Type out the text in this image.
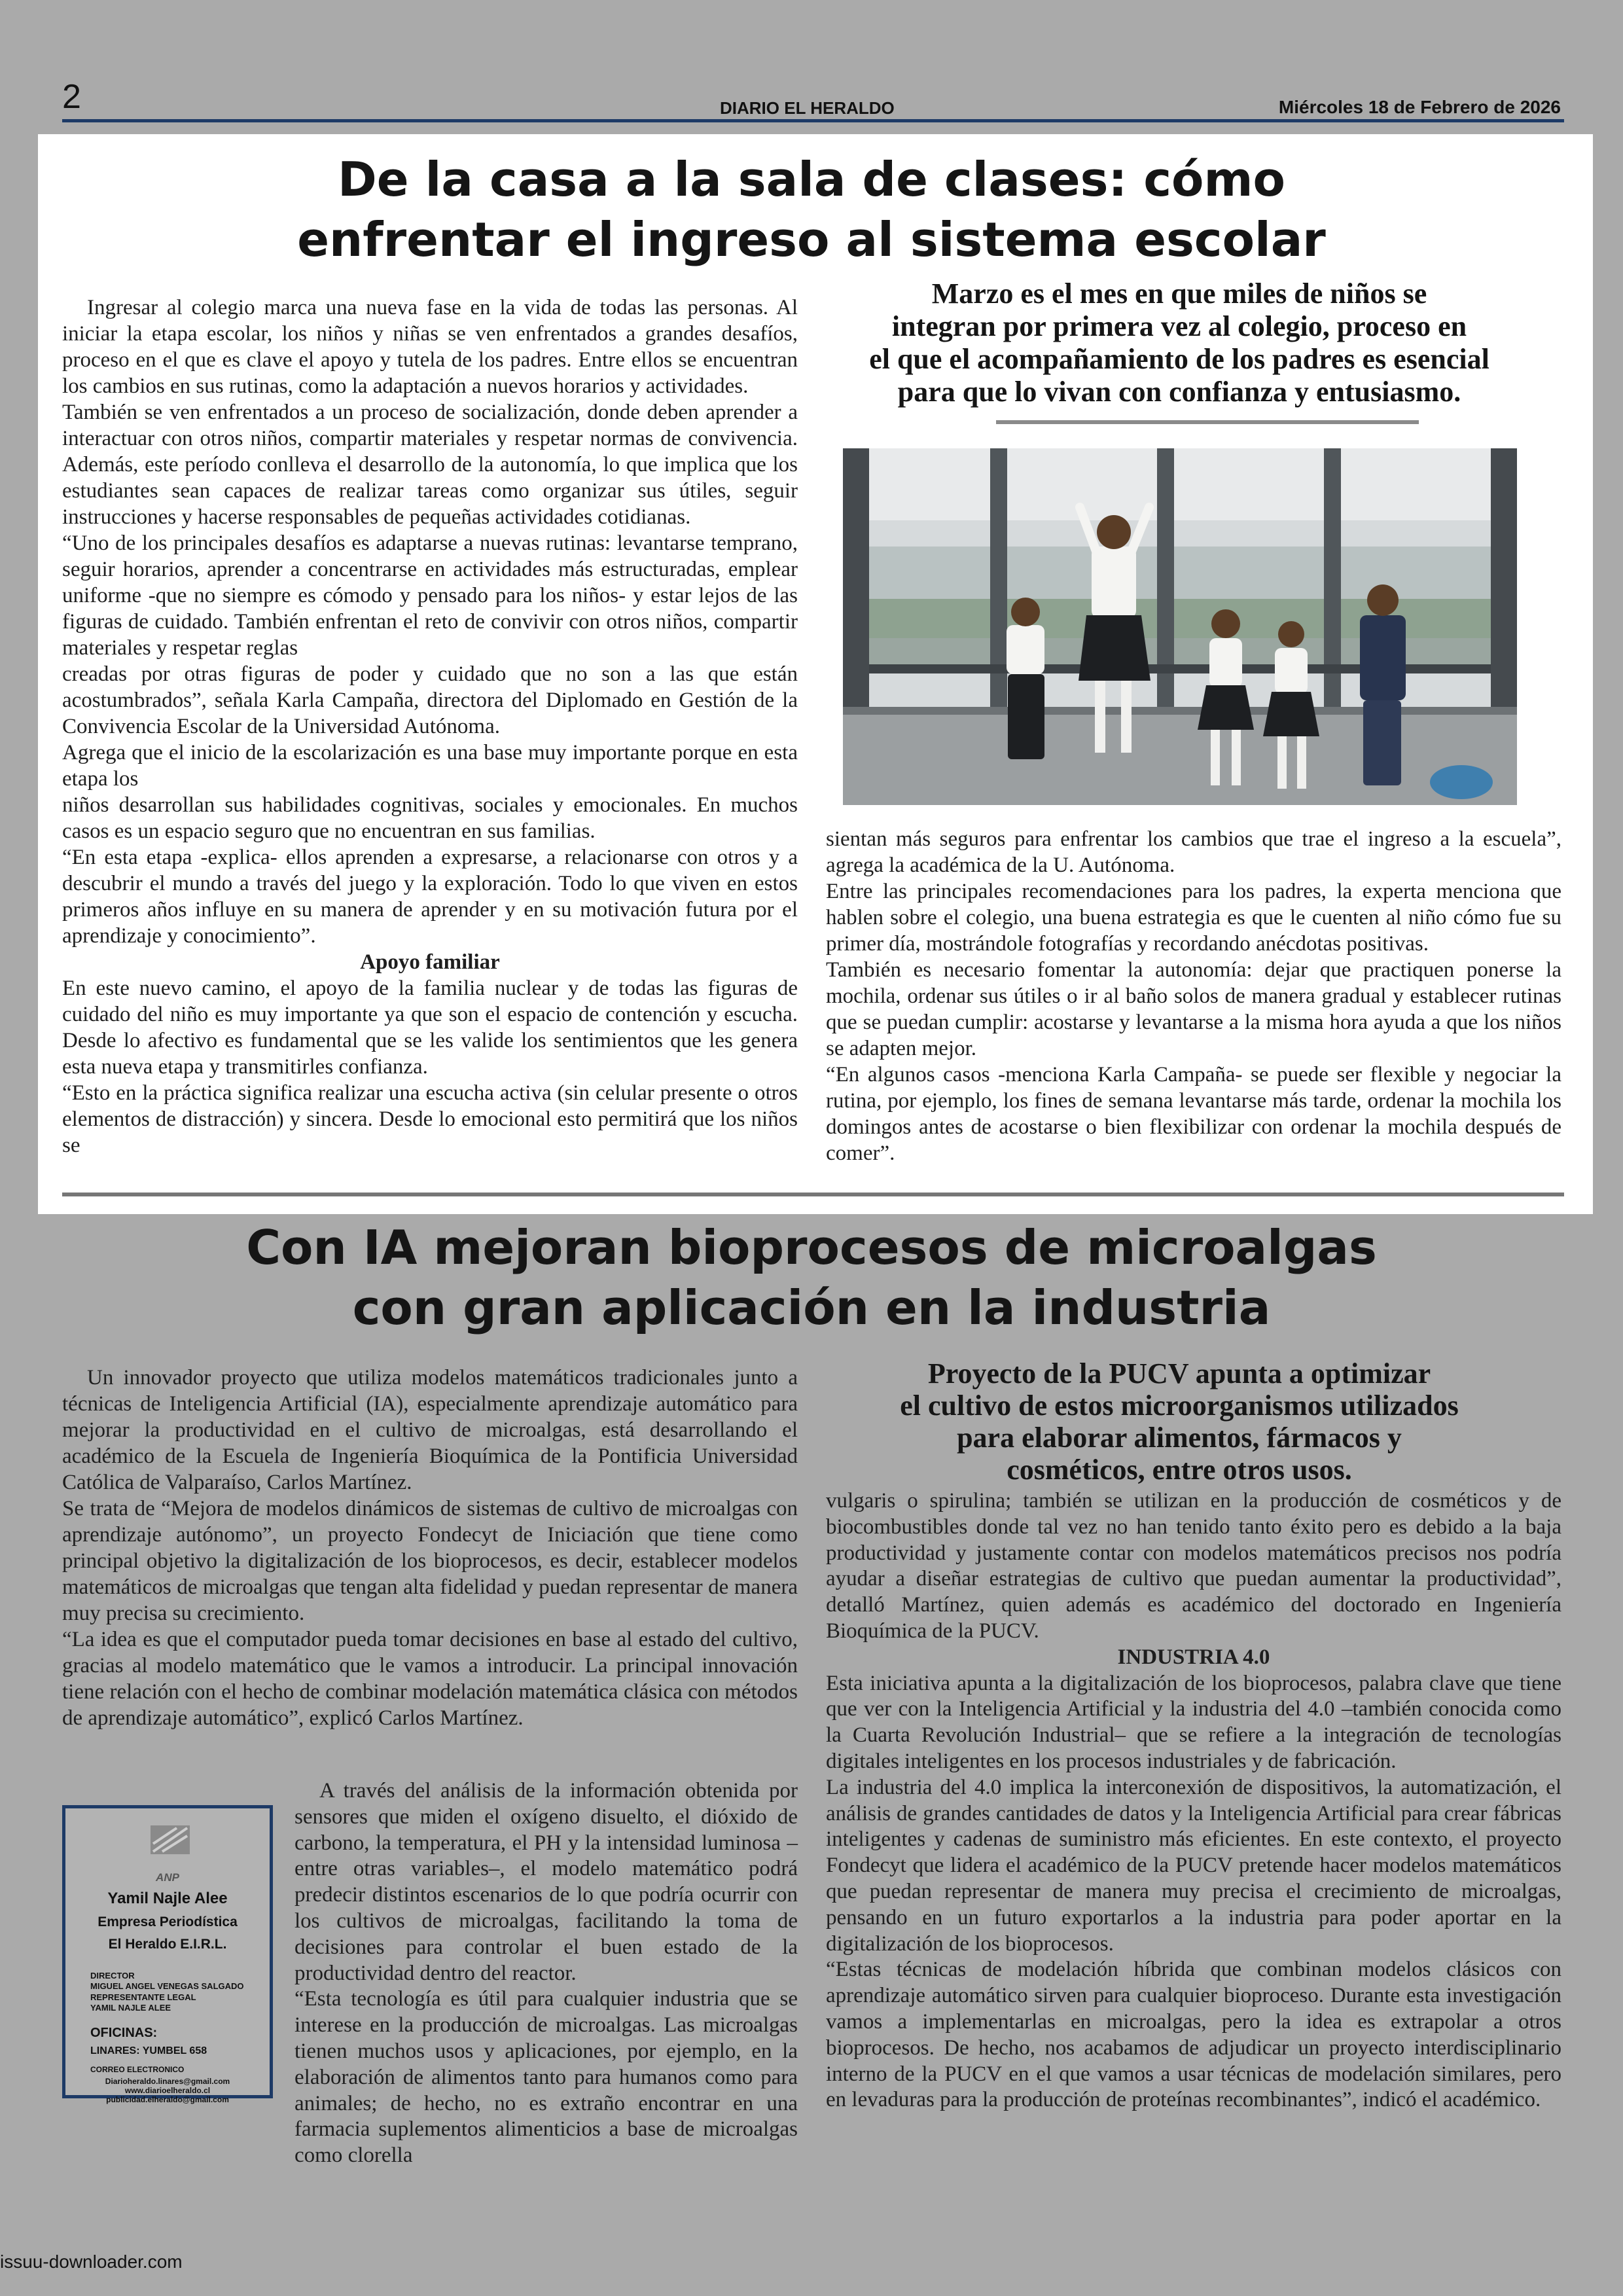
2	DIARIO EL HERALDO	Miércoles 18 de Febrero de 2026
De la casa a la sala de clases: cómo
enfrentar el ingreso al sistema escolar
Marzo es el mes en que miles de niños se
integran por primera vez al colegio, proceso en
el que el acompañamiento de los padres es esencial
para que lo vivan con confianza y entusiasmo.

Ingresar al colegio marca una nueva fase en la vida de todas las personas. Al iniciar la etapa escolar, los niños y niñas se ven enfrentados a grandes desafíos, proceso en el que es clave el apoyo y tutela de los padres. Entre ellos se encuentran los cambios en sus rutinas, como la adaptación a nuevos horarios y actividades.

También se ven enfrentados a un proceso de socialización, donde deben aprender a interactuar con otros niños, compartir materiales y respetar normas de convivencia. Además, este período conlleva el desarrollo de la autonomía, lo que implica que los estudiantes sean capaces de realizar tareas como organizar sus útiles, seguir instrucciones y hacerse responsables de pequeñas actividades cotidianas.

“Uno de los principales desafíos es adaptarse a nuevas rutinas: levantarse temprano, seguir horarios, aprender a concentrarse en actividades más estructuradas, emplear uniforme -que no siempre es cómodo y pensado para los niños- y estar lejos de las figuras de cuidado. También enfrentan el reto de convivir con otros niños, compartir materiales y respetar reglas

creadas por otras figuras de poder y cuidado que no son a las que están acostumbrados”, señala Karla Campaña, directora del Diplomado en Gestión de la Convivencia Escolar de la Universidad Autónoma.

Agrega que el inicio de la escolarización es una base muy importante porque en esta etapa los

niños desarrollan sus habilidades cognitivas, sociales y emocionales. En muchos casos es un espacio seguro que no encuentran en sus familias.

“En esta etapa -explica- ellos aprenden a expresarse, a relacionarse con otros y a descubrir el mundo a través del juego y la exploración. Todo lo que viven en estos primeros años influye en su manera de aprender y en su motivación futura por el aprendizaje y conocimiento”.

Apoyo familiar

En este nuevo camino, el apoyo de la familia nuclear y de todas las figuras de cuidado del niño es muy importante ya que son el espacio de contención y escucha. Desde lo afectivo es fundamental que se les valide los sentimientos que les genera esta nueva etapa y transmitirles confianza.

“Esto en la práctica significa realizar una escucha activa (sin celular presente o otros elementos de distracción) y sincera. Desde lo emocional esto permitirá que los niños se

sientan más seguros para enfrentar los cambios que trae el ingreso a la escuela”, agrega la académica de la U. Autónoma.

Entre las principales recomendaciones para los padres, la experta menciona que hablen sobre el colegio, una buena estrategia es que le cuenten al niño cómo fue su primer día, mostrándole fotografías y recordando anécdotas positivas.

También es necesario fomentar la autonomía: dejar que practiquen ponerse la mochila, ordenar sus útiles o ir al baño solos de manera gradual y establecer rutinas que se puedan cumplir: acostarse y levantarse a la misma hora ayuda a que los niños se adapten mejor.

“En algunos casos -menciona Karla Campaña- se puede ser flexible y negociar la rutina, por ejemplo, los fines de semana levantarse más tarde, ordenar la mochila los domingos antes de acostarse o bien flexibilizar con ordenar la mochila después de comer”.

Con IA mejoran bioprocesos de microalgas
con gran aplicación en la industria
Proyecto de la PUCV apunta a optimizar
el cultivo de estos microorganismos utilizados
para elaborar alimentos, fármacos y
cosméticos, entre otros usos.

Un innovador proyecto que utiliza modelos matemáticos tradicionales junto a técnicas de Inteligencia Artificial (IA), especialmente aprendizaje automático para mejorar la productividad en el cultivo de microalgas, está desarrollando el académico de la Escuela de Ingeniería Bioquímica de la Pontificia Universidad Católica de Valparaíso, Carlos Martínez.

Se trata de “Mejora de modelos dinámicos de sistemas de cultivo de microalgas con aprendizaje autónomo”, un proyecto Fondecyt de Iniciación que tiene como principal objetivo la digitalización de los bioprocesos, es decir, establecer modelos matemáticos de microalgas que tengan alta fidelidad y puedan representar de manera muy precisa su crecimiento.

“La idea es que el computador pueda tomar decisiones en base al estado del cultivo, gracias al modelo matemático que le vamos a introducir. La principal innovación tiene relación con el hecho de combinar modelación matemática clásica con métodos de aprendizaje automático”, explicó Carlos Martínez.

A través del análisis de la información obtenida por sensores que miden el oxígeno disuelto, el dióxido de carbono, la temperatura, el PH y la intensidad luminosa –entre otras variables–, el modelo matemático podrá predecir distintos escenarios de lo que podría ocurrir con los cultivos de microalgas, facilitando la toma de decisiones para controlar el buen estado de la productividad dentro del reactor.

“Esta tecnología es útil para cualquier industria que se interese en la producción de microalgas. Las microalgas tienen muchos usos y aplicaciones, por ejemplo, en la elaboración de alimentos tanto para humanos como para animales; de hecho, no es extraño encontrar en una farmacia suplementos alimenticios a base de microalgas como clorella

vulgaris o spirulina; también se utilizan en la producción de cosméticos y de biocombustibles donde tal vez no han tenido tanto éxito pero es debido a la baja productividad y justamente contar con modelos matemáticos precisos nos podría ayudar a diseñar estrategias de cultivo que puedan aumentar la productividad”, detalló Martínez, quien además es académico del doctorado en Ingeniería Bioquímica de la PUCV.

INDUSTRIA 4.0

Esta iniciativa apunta a la digitalización de los bioprocesos, palabra clave que tiene que ver con la Inteligencia Artificial y la industria del 4.0 –también conocida como la Cuarta Revolución Industrial– que se refiere a la integración de tecnologías digitales inteligentes en los procesos industriales y de fabricación.

La industria del 4.0 implica la interconexión de dispositivos, la automatización, el análisis de grandes cantidades de datos y la Inteligencia Artificial para crear fábricas inteligentes y cadenas de suministro más eficientes. En este contexto, el proyecto Fondecyt que lidera el académico de la PUCV pretende hacer modelos matemáticos que puedan representar de manera muy precisa el crecimiento de microalgas, pensando en un futuro exportarlos a la industria para poder aportar en la digitalización de los bioprocesos.

“Estas técnicas de modelación híbrida que combinan modelos clásicos con aprendizaje automático sirven para cualquier bioproceso. Durante esta investigación vamos a implementarlas en microalgas, pero la idea es extrapolar a otros bioprocesos. De hecho, nos acabamos de adjudicar un proyecto interdisciplinario interno de la PUCV en el que vamos a usar técnicas de modelación similares, pero en levaduras para la producción de proteínas recombinantes”, indicó el académico.

ANP
Yamil Najle Alee
Empresa Periodística
El Heraldo E.I.R.L.
DIRECTOR
MIGUEL ANGEL VENEGAS SALGADO
REPRESENTANTE LEGAL
YAMIL NAJLE ALEE
OFICINAS:
LINARES: YUMBEL 658
CORREO ELECTRONICO
Diarioheraldo.linares@gmail.com
www.diarioelheraldo.cl
publicidad.elheraldo@gmail.com
issuu-downloader.com
